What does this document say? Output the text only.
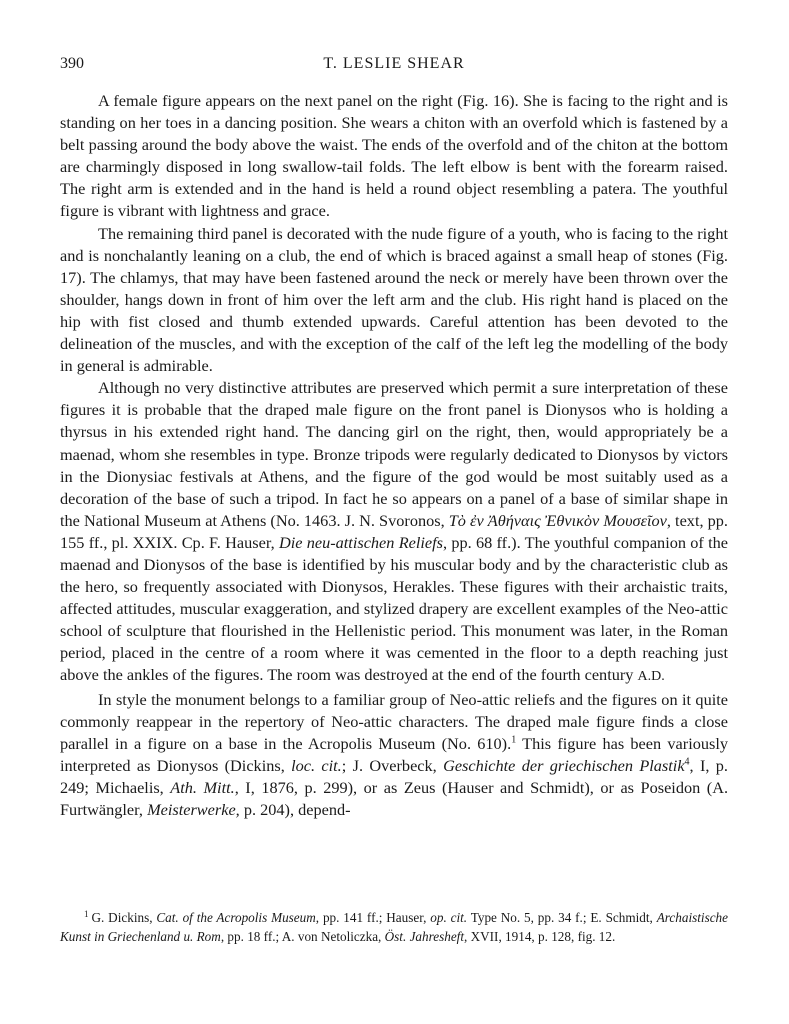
390	T. LESLIE SHEAR

A female figure appears on the next panel on the right (Fig. 16). She is facing to the right and is standing on her toes in a dancing position. She wears a chiton with an overfold which is fastened by a belt passing around the body above the waist. The ends of the overfold and of the chiton at the bottom are charmingly disposed in long swallow-tail folds. The left elbow is bent with the forearm raised. The right arm is extended and in the hand is held a round object resembling a patera. The youthful figure is vibrant with lightness and grace.

The remaining third panel is decorated with the nude figure of a youth, who is facing to the right and is nonchalantly leaning on a club, the end of which is braced against a small heap of stones (Fig. 17). The chlamys, that may have been fastened around the neck or merely have been thrown over the shoulder, hangs down in front of him over the left arm and the club. His right hand is placed on the hip with fist closed and thumb extended upwards. Careful attention has been devoted to the delineation of the muscles, and with the exception of the calf of the left leg the modelling of the body in general is admirable.

Although no very distinctive attributes are preserved which permit a sure interpretation of these figures it is probable that the draped male figure on the front panel is Dionysos who is holding a thyrsus in his extended right hand. The dancing girl on the right, then, would appropriately be a maenad, whom she resembles in type. Bronze tripods were regularly dedicated to Dionysos by victors in the Dionysiac festivals at Athens, and the figure of the god would be most suitably used as a decoration of the base of such a tripod. In fact he so appears on a panel of a base of similar shape in the National Museum at Athens (No. 1463. J. N. Svoronos, Τὸ ἐν Ἀθήναις Ἐθνικὸν Μουσεῖον, text, pp. 155 ff., pl. XXIX. Cp. F. Hauser, Die neu-attischen Reliefs, pp. 68 ff.). The youthful companion of the maenad and Dionysos of the base is identified by his muscular body and by the characteristic club as the hero, so frequently associated with Dionysos, Herakles. These figures with their archaistic traits, affected attitudes, muscular exaggeration, and stylized drapery are excellent examples of the Neo-attic school of sculpture that flourished in the Hellenistic period. This monument was later, in the Roman period, placed in the centre of a room where it was cemented in the floor to a depth reaching just above the ankles of the figures. The room was destroyed at the end of the fourth century A.D.

In style the monument belongs to a familiar group of Neo-attic reliefs and the figures on it quite commonly reappear in the repertory of Neo-attic characters. The draped male figure finds a close parallel in a figure on a base in the Acropolis Museum (No. 610).$^1$ This figure has been variously interpreted as Dionysos (Dickins, loc. cit.; J. Overbeck, Geschichte der griechischen Plastik$^4$, I, p. 249; Michaelis, Ath. Mitt., I, 1876, p. 299), or as Zeus (Hauser and Schmidt), or as Poseidon (A. Furtwängler, Meisterwerke, p. 204), depend-

$^1$ G. Dickins, Cat. of the Acropolis Museum, pp. 141 ff.; Hauser, op. cit. Type No. 5, pp. 34 f.; E. Schmidt, Archaistische Kunst in Griechenland u. Rom, pp. 18 ff.; A. von Netoliczka, Öst. Jahresheft, XVII, 1914, p. 128, fig. 12.
